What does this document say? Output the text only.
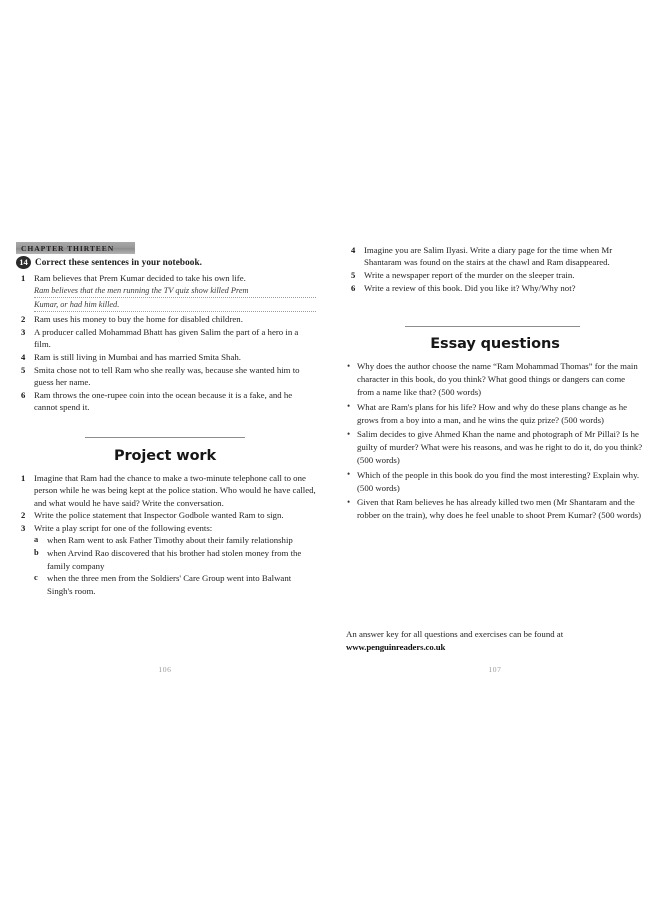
CHAPTER THIRTEEN
14 Correct these sentences in your notebook.
1 Ram believes that Prem Kumar decided to take his own life.
Ram believes that the men running the TV quiz show killed Prem
Kumar, or had him killed.
2 Ram uses his money to buy the home for disabled children.
3 A producer called Mohammad Bhatt has given Salim the part of a hero in a film.
4 Ram is still living in Mumbai and has married Smita Shah.
5 Smita chose not to tell Ram who she really was, because she wanted him to guess her name.
6 Ram throws the one-rupee coin into the ocean because it is a fake, and he cannot spend it.
Project work
1 Imagine that Ram had the chance to make a two-minute telephone call to one person while he was being kept at the police station. Who would he have called, and what would he have said? Write the conversation.
2 Write the police statement that Inspector Godbole wanted Ram to sign.
3 Write a play script for one of the following events:
a when Ram went to ask Father Timothy about their family relationship
b when Arvind Rao discovered that his brother had stolen money from the family company
c when the three men from the Soldiers' Care Group went into Balwant Singh's room.
106
4 Imagine you are Salim Ilyasi. Write a diary page for the time when Mr Shantaram was found on the stairs at the chawl and Ram disappeared.
5 Write a newspaper report of the murder on the sleeper train.
6 Write a review of this book. Did you like it? Why/Why not?
Essay questions
• Why does the author choose the name “Ram Mohammad Thomas” for the main character in this book, do you think? What good things or dangers can come from a name like that? (500 words)
• What are Ram's plans for his life? How and why do these plans change as he grows from a boy into a man, and he wins the quiz prize? (500 words)
• Salim decides to give Ahmed Khan the name and photograph of Mr Pillai? Is he guilty of murder? What were his reasons, and was he right to do it, do you think? (500 words)
• Which of the people in this book do you find the most interesting? Explain why. (500 words)
• Given that Ram believes he has already killed two men (Mr Shantaram and the robber on the train), why does he feel unable to shoot Prem Kumar? (500 words)
An answer key for all questions and exercises can be found at
www.penguinreaders.co.uk
107
